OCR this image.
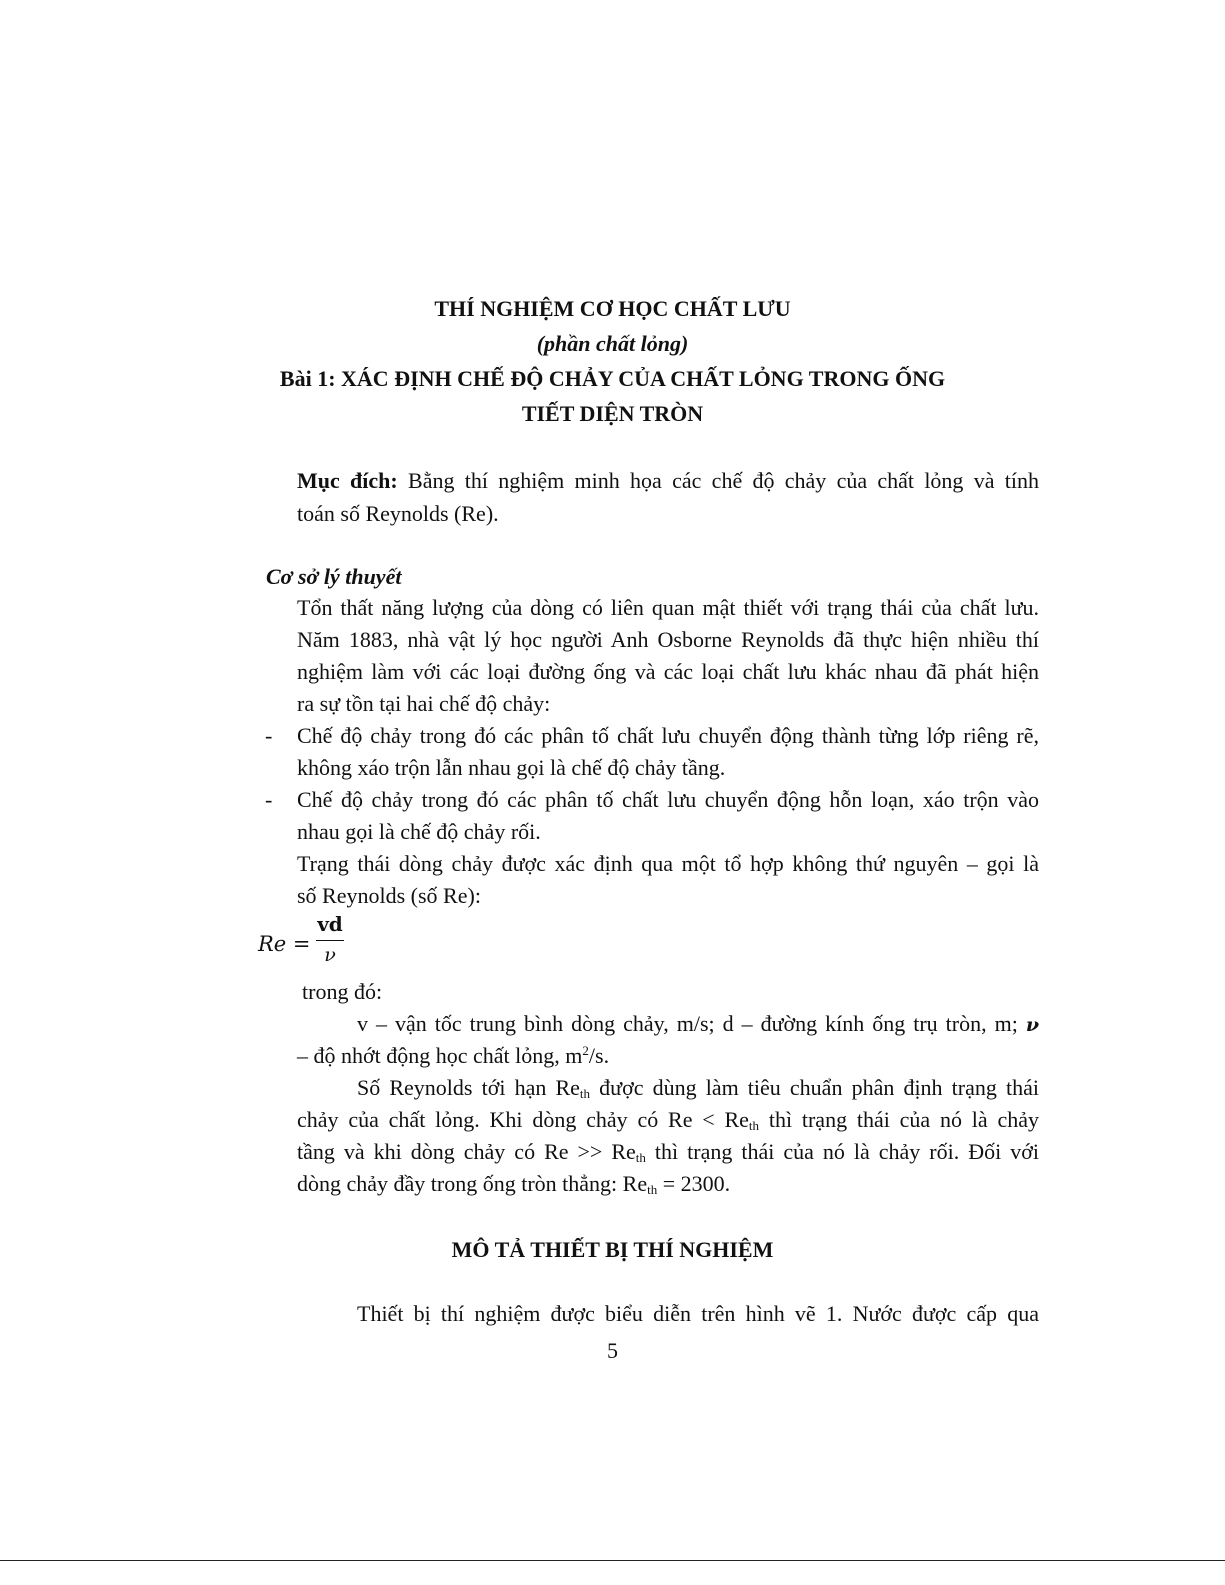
THÍ NGHIỆM CƠ HỌC CHẤT LƯU
(phần chất lỏng)
Bài 1: XÁC ĐỊNH CHẾ ĐỘ CHẢY CỦA CHẤT LỎNG TRONG ỐNG
TIẾT DIỆN TRÒN
Mục đích: Bằng thí nghiệm minh họa các chế độ chảy của chất lỏng và tính
toán số Reynolds (Re).
Cơ sở lý thuyết
Tổn thất năng lượng của dòng có liên quan mật thiết với trạng thái của chất lưu.
Năm 1883, nhà vật lý học người Anh Osborne Reynolds đã thực hiện nhiều thí
nghiệm làm với các loại đường ống và các loại chất lưu khác nhau đã phát hiện
ra sự tồn tại hai chế độ chảy:
- Chế độ chảy trong đó các phân tố chất lưu chuyển động thành từng lớp riêng rẽ,
không xáo trộn lẫn nhau gọi là chế độ chảy tầng.
- Chế độ chảy trong đó các phân tố chất lưu chuyển động hỗn loạn, xáo trộn vào
nhau gọi là chế độ chảy rối.
Trạng thái dòng chảy được xác định qua một tổ hợp không thứ nguyên – gọi là
số Reynolds (số Re):
Re =
vd
ν
trong đó:
v – vận tốc trung bình dòng chảy, m/s; d – đường kính ống trụ tròn, m; ν
– độ nhớt động học chất lỏng, $m^2/s$.
Số Reynolds tới hạn $Re_{th}$ được dùng làm tiêu chuẩn phân định trạng thái
chảy của chất lỏng. Khi dòng chảy có $Re < Re_{th}$ thì trạng thái của nó là chảy
tầng và khi dòng chảy có $Re >> Re_{th}$ thì trạng thái của nó là chảy rối. Đối với
dòng chảy đầy trong ống tròn thẳng: $Re_{th} = 2300$.
MÔ TẢ THIẾT BỊ THÍ NGHIỆM
Thiết bị thí nghiệm được biểu diễn trên hình vẽ 1. Nước được cấp qua
5
